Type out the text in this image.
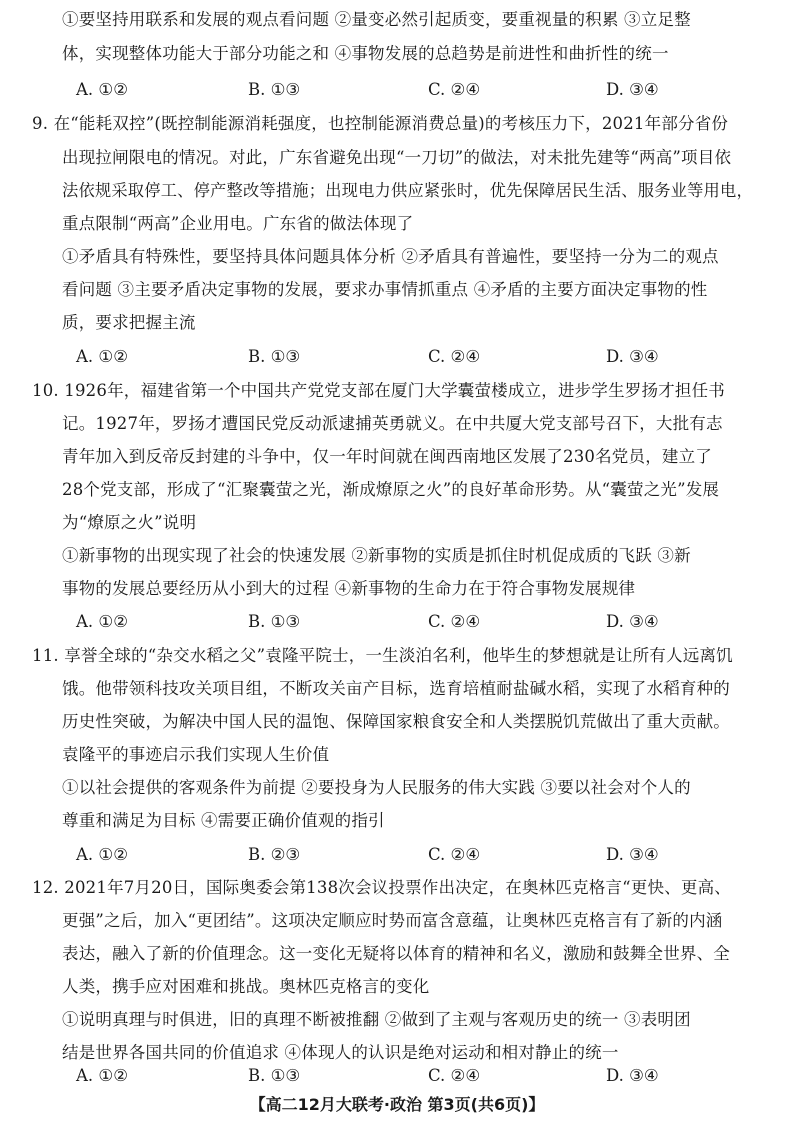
①要坚持用联系和发展的观点看问题 ②量变必然引起质变，要重视量的积累 ③立足整
体，实现整体功能大于部分功能之和 ④事物发展的总趋势是前进性和曲折性的统一
A. ①②	B. ①③	C. ②④	D. ③④
9. 在“能耗双控”(既控制能源消耗强度，也控制能源消费总量)的考核压力下，2021年部分省份
出现拉闸限电的情况。对此，广东省避免出现“一刀切”的做法，对未批先建等“两高”项目依
法依规采取停工、停产整改等措施；出现电力供应紧张时，优先保障居民生活、服务业等用电，
重点限制“两高”企业用电。广东省的做法体现了
①矛盾具有特殊性，要坚持具体问题具体分析 ②矛盾具有普遍性，要坚持一分为二的观点
看问题 ③主要矛盾决定事物的发展，要求办事情抓重点 ④矛盾的主要方面决定事物的性
质，要求把握主流
A. ①②	B. ①③	C. ②④	D. ③④
10. 1926年，福建省第一个中国共产党党支部在厦门大学囊萤楼成立，进步学生罗扬才担任书
记。1927年，罗扬才遭国民党反动派逮捕英勇就义。在中共厦大党支部号召下，大批有志
青年加入到反帝反封建的斗争中，仅一年时间就在闽西南地区发展了230名党员，建立了
28个党支部，形成了“汇聚囊萤之光，渐成燎原之火”的良好革命形势。从“囊萤之光”发展
为“燎原之火”说明
①新事物的出现实现了社会的快速发展 ②新事物的实质是抓住时机促成质的飞跃 ③新
事物的发展总要经历从小到大的过程 ④新事物的生命力在于符合事物发展规律
A. ①②	B. ①③	C. ②④	D. ③④
11. 享誉全球的“杂交水稻之父”袁隆平院士，一生淡泊名利，他毕生的梦想就是让所有人远离饥
饿。他带领科技攻关项目组，不断攻关亩产目标，选育培植耐盐碱水稻，实现了水稻育种的
历史性突破，为解决中国人民的温饱、保障国家粮食安全和人类摆脱饥荒做出了重大贡献。
袁隆平的事迹启示我们实现人生价值
①以社会提供的客观条件为前提 ②要投身为人民服务的伟大实践 ③要以社会对个人的
尊重和满足为目标 ④需要正确价值观的指引
A. ①②	B. ②③	C. ②④	D. ③④
12. 2021年7月20日，国际奥委会第138次会议投票作出决定，在奥林匹克格言“更快、更高、
更强”之后，加入“更团结”。这项决定顺应时势而富含意蕴，让奥林匹克格言有了新的内涵
表达，融入了新的价值理念。这一变化无疑将以体育的精神和名义，激励和鼓舞全世界、全
人类，携手应对困难和挑战。奥林匹克格言的变化
①说明真理与时俱进，旧的真理不断被推翻 ②做到了主观与客观历史的统一 ③表明团
结是世界各国共同的价值追求 ④体现人的认识是绝对运动和相对静止的统一
A. ①②	B. ①③	C. ②④	D. ③④
【高二12月大联考·政治 第3页(共6页)】
